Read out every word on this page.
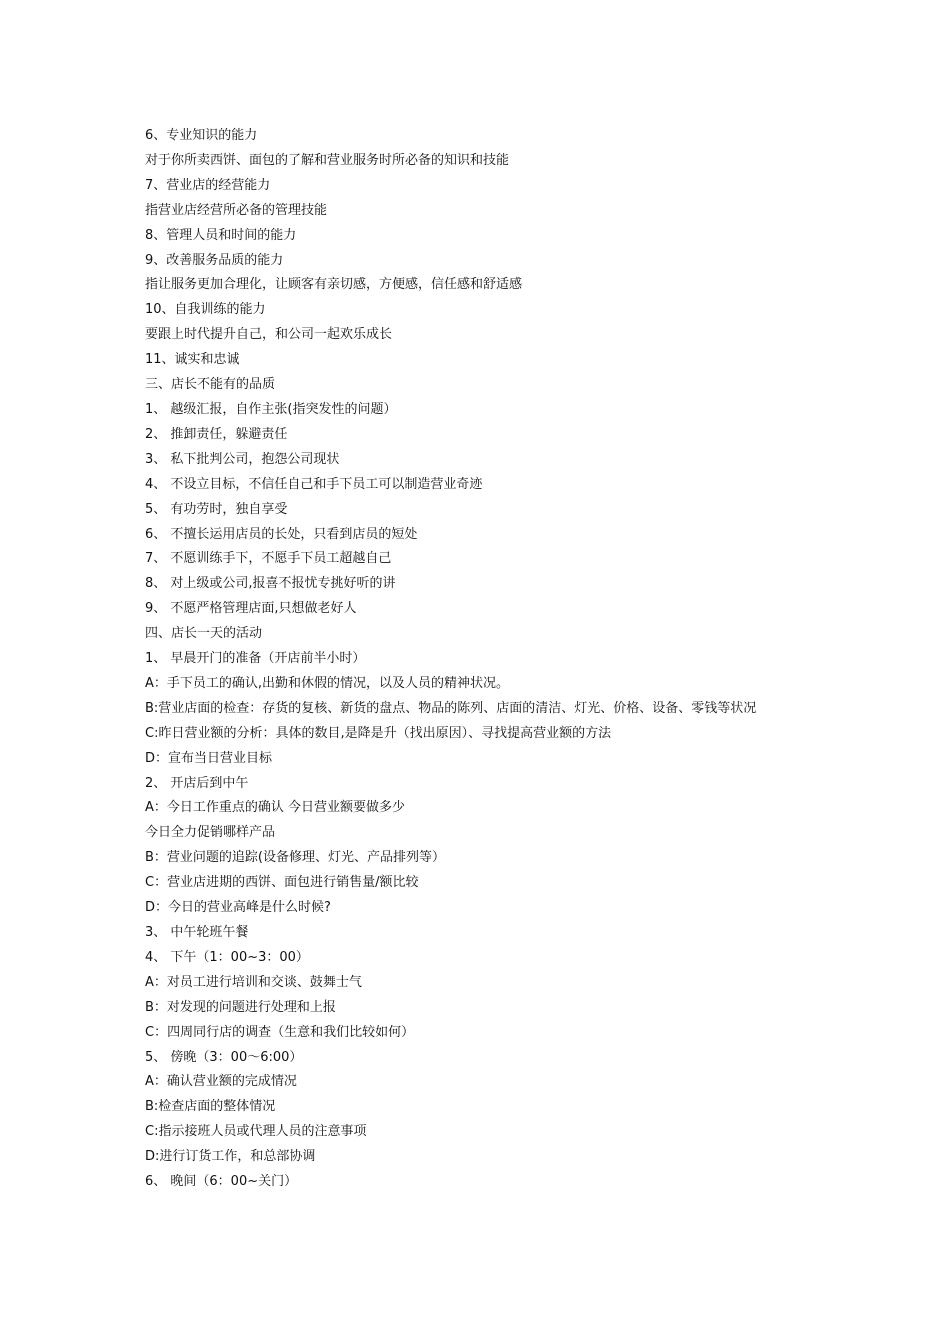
6、专业知识的能力

对于你所卖西饼、面包的了解和营业服务时所必备的知识和技能

7、营业店的经营能力

指营业店经营所必备的管理技能

8、管理人员和时间的能力

9、改善服务品质的能力

指让服务更加合理化，让顾客有亲切感，方便感，信任感和舒适感

10、自我训练的能力

要跟上时代提升自己，和公司一起欢乐成长

11、诚实和忠诚

三、店长不能有的品质

1、 越级汇报，自作主张(指突发性的问题）

2、 推卸责任，躲避责任

3、 私下批判公司，抱怨公司现状

4、 不设立目标，不信任自己和手下员工可以制造营业奇迹

5、 有功劳时，独自享受

6、 不擅长运用店员的长处，只看到店员的短处

7、 不愿训练手下，不愿手下员工超越自己

8、 对上级或公司,报喜不报忧专挑好听的讲

9、 不愿严格管理店面,只想做老好人

四、店长一天的活动

1、 早晨开门的准备（开店前半小时）

A：手下员工的确认,出勤和休假的情况，以及人员的精神状况。

B:营业店面的检查：存货的复核、新货的盘点、物品的陈列、店面的清洁、灯光、价格、设备、零钱等状况

C:昨日营业额的分析：具体的数目,是降是升（找出原因）、寻找提高营业额的方法

D：宣布当日营业目标

2、 开店后到中午

A：今日工作重点的确认 今日营业额要做多少

今日全力促销哪样产品

B：营业问题的追踪(设备修理、灯光、产品排列等）

C：营业店进期的西饼、面包进行销售量/额比较

D：今日的营业高峰是什么时候?

3、 中午轮班午餐

4、 下午（1：00~3：00）

A：对员工进行培训和交谈、鼓舞士气

B：对发现的问题进行处理和上报

C：四周同行店的调查（生意和我们比较如何）

5、 傍晚（3：00～6:00）

A：确认营业额的完成情况

B:检查店面的整体情况

C:指示接班人员或代理人员的注意事项

D:进行订货工作，和总部协调

6、 晚间（6：00~关门）
